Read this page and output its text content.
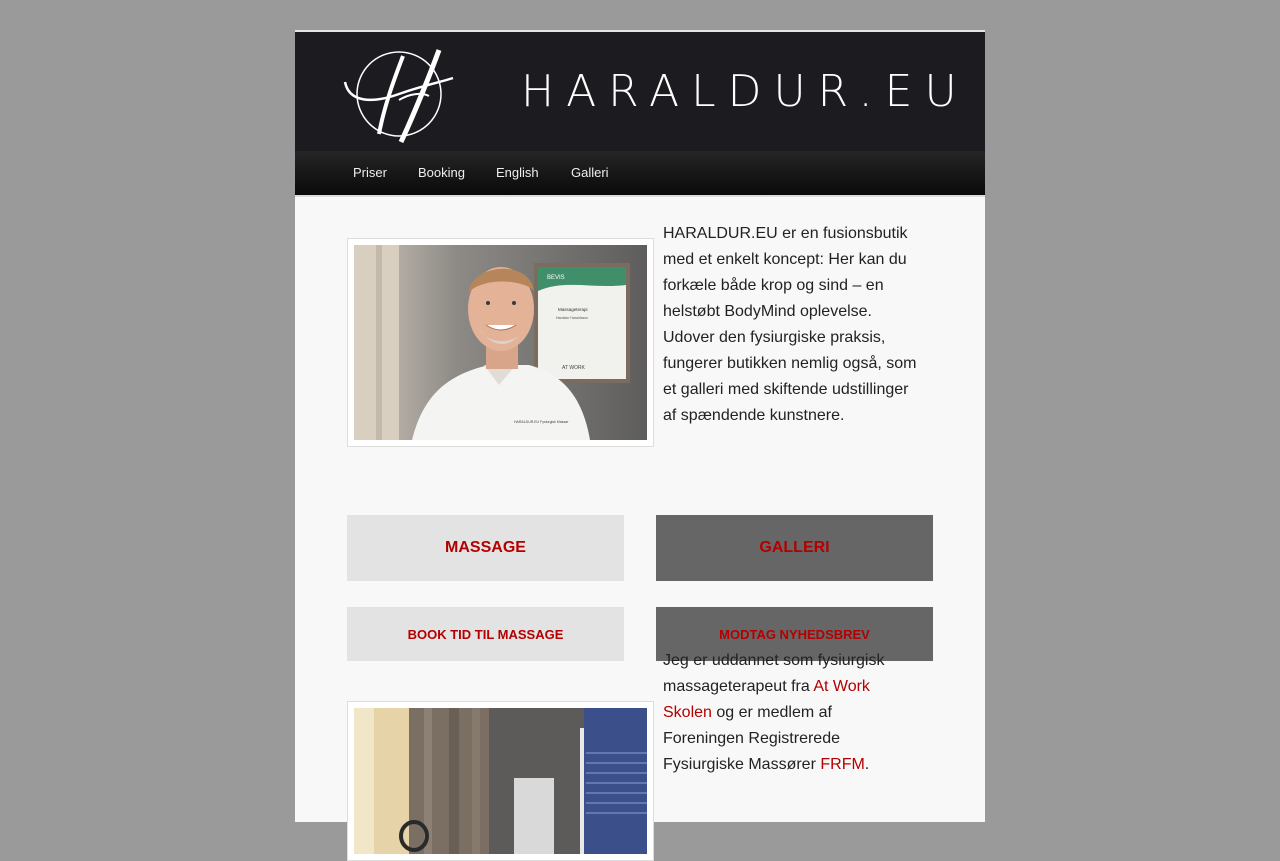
HARALDUR.EU
Priser Booking English Galleri
BEVIS
Massageterapi
Haraldur Haraldsson
AT WORK
HARALDUR.EU Fysiurgisk Massør

HARALDUR.EU er en fusionsbutik med et enkelt koncept: Her kan du forkæle både krop og sind – en helstøbt BodyMind oplevelse. Udover den fysiurgiske praksis, fungerer butikken nemlig også, som et galleri med skiftende udstillinger af spændende kunstnere.

MASSAGE	GALLERI
BOOK TID TIL MASSAGE	MODTAG NYHEDSBREV

Jeg er uddannet som fysiurgisk massageterapeut fra At Work Skolen og er medlem af Foreningen Registrerede Fysiurgiske Massører FRFM.
